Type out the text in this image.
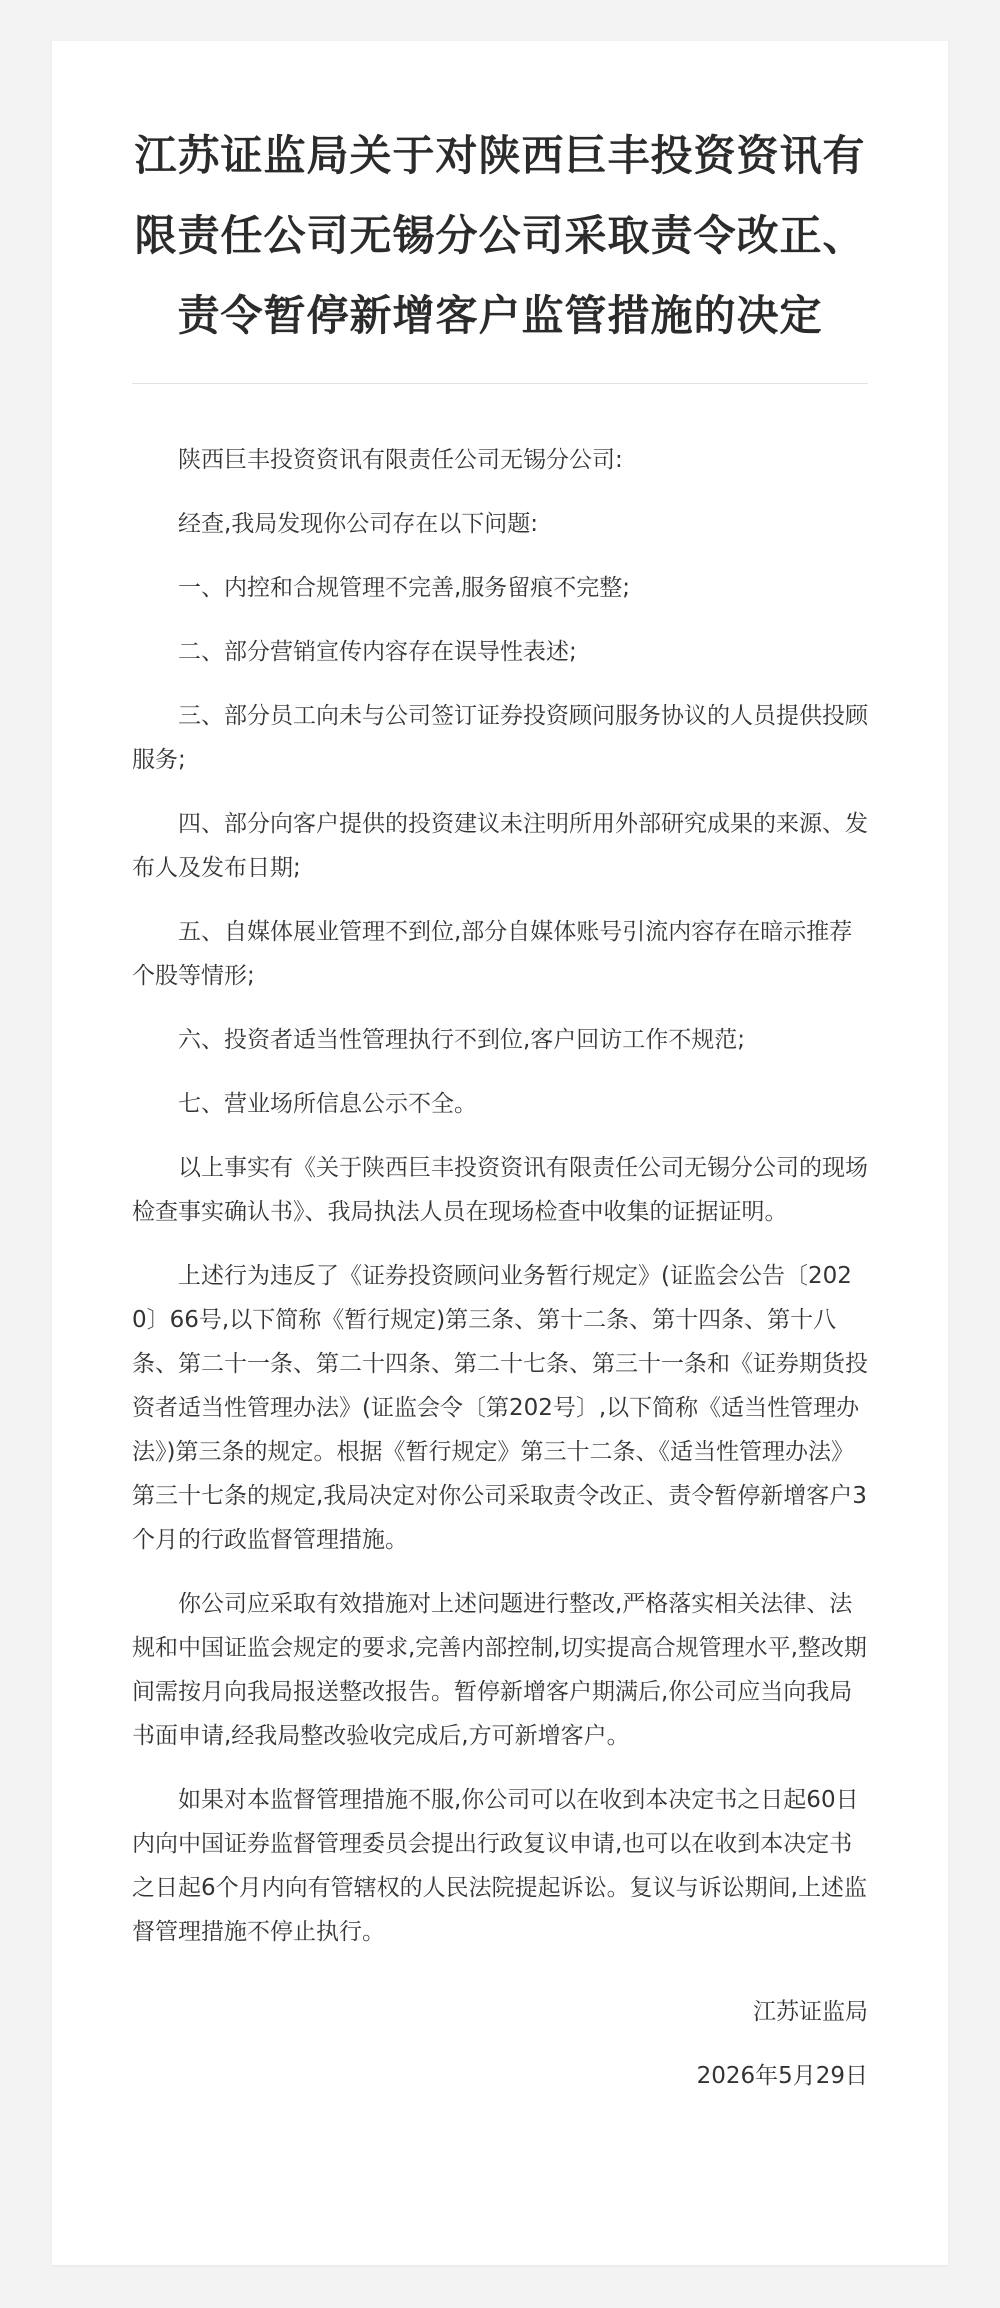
江苏证监局关于对陕西巨丰投资资讯有限责任公司无锡分公司采取责令改正、责令暂停新增客户监管措施的决定

陕西巨丰投资资讯有限责任公司无锡分公司:

经查,我局发现你公司存在以下问题:

一、内控和合规管理不完善,服务留痕不完整;

二、部分营销宣传内容存在误导性表述;

三、部分员工向未与公司签订证券投资顾问服务协议的人员提供投顾服务;

四、部分向客户提供的投资建议未注明所用外部研究成果的来源、发布人及发布日期;

五、自媒体展业管理不到位,部分自媒体账号引流内容存在暗示推荐个股等情形;

六、投资者适当性管理执行不到位,客户回访工作不规范;

七、营业场所信息公示不全。

以上事实有《关于陕西巨丰投资资讯有限责任公司无锡分公司的现场检查事实确认书》、我局执法人员在现场检查中收集的证据证明。

上述行为违反了《证券投资顾问业务暂行规定》(证监会公告〔2020〕66号,以下简称《暂行规定)第三条、第十二条、第十四条、第十八条、第二十一条、第二十四条、第二十七条、第三十一条和《证券期货投资者适当性管理办法》(证监会令〔第202号〕,以下简称《适当性管理办法》)第三条的规定。根据《暂行规定》第三十二条、《适当性管理办法》第三十七条的规定,我局决定对你公司采取责令改正、责令暂停新增客户3个月的行政监督管理措施。

你公司应采取有效措施对上述问题进行整改,严格落实相关法律、法规和中国证监会规定的要求,完善内部控制,切实提高合规管理水平,整改期间需按月向我局报送整改报告。暂停新增客户期满后,你公司应当向我局书面申请,经我局整改验收完成后,方可新增客户。

如果对本监督管理措施不服,你公司可以在收到本决定书之日起60日内向中国证券监督管理委员会提出行政复议申请,也可以在收到本决定书之日起6个月内向有管辖权的人民法院提起诉讼。复议与诉讼期间,上述监督管理措施不停止执行。

江苏证监局

2026年5月29日
